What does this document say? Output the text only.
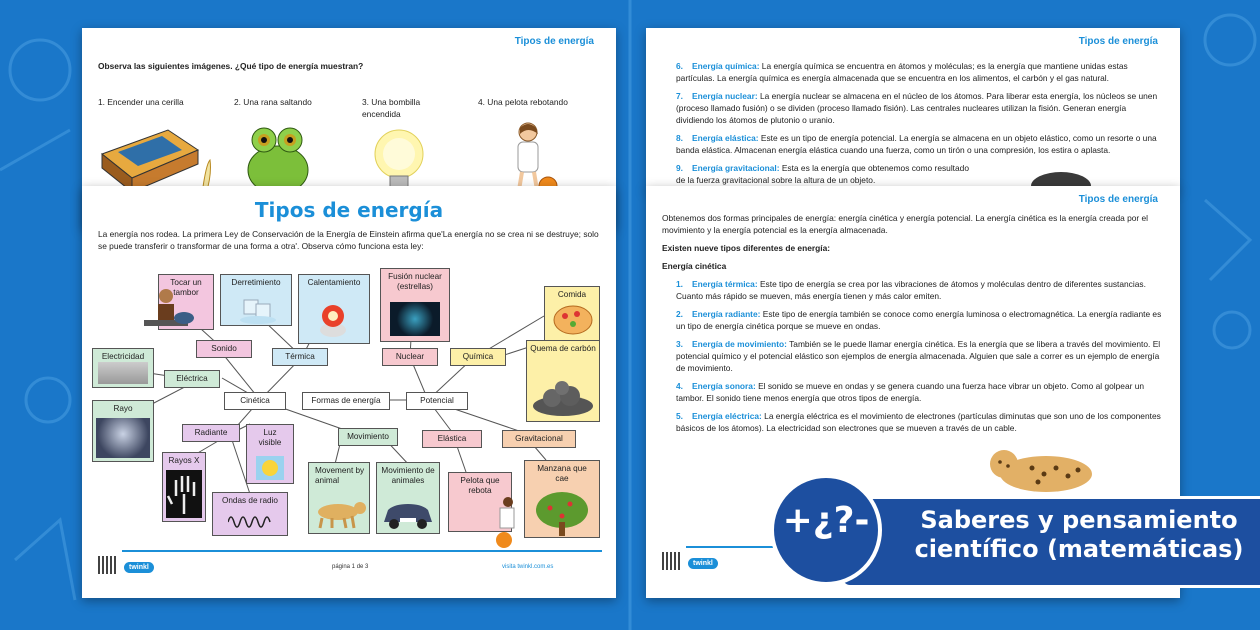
Tipos de energía
Observa las siguientes imágenes. ¿Qué tipo de energía muestran?
1. Encender una cerilla	2. Una rana saltando	3. Una bombilla encendida
4. Una pelota rebotando
Tipos de energía
6. Energía química: La energía química se encuentra en átomos y moléculas; es la energía que mantiene unidas estas partículas. La energía química es energía almacenada que se encuentra en los alimentos, el carbón y el gas natural.
7. Energía nuclear: La energía nuclear se almacena en el núcleo de los átomos. Para liberar esta energía, los núcleos se unen (proceso llamado fusión) o se dividen (proceso llamado fisión). Las centrales nucleares utilizan la fisión. Generan energía dividiendo los átomos de plutonio o uranio.
8. Energía elástica: Este es un tipo de energía potencial. La energía se almacena en un objeto elástico, como un resorte o una banda elástica. Almacenan energía elástica cuando una fuerza, como un tirón o una compresión, los estira o aplasta.
9. Energía gravitacional: Esta es la energía que obtenemos como resultado de la fuerza gravitacional sobre la altura de un objeto.
Tipos de energía
La energía nos rodea. La primera Ley de Conservación de la Energía de Einstein afirma que'La energía no se crea ni se destruye; solo se puede transferir o transformar de una forma a otra'. Observa cómo funciona esta ley:
Tocar un tambor
Derretimiento	Calentamiento
Fusión nuclear (estrellas)
Comida
Sonido
Térmica	Nuclear	Química
Quema de carbón
Electricidad
Eléctrica
Cinética	Formas de energía	Potencial
Rayo
Radiante	Luz visible
Movimiento	Elástica	Gravitacional
Rayos X
Movement by animal
Movimiento de animales	Pelota que rebota
Manzana que cae
Ondas de radio
twinkl	página 1 de 3	visita twinkl.com.es
Tipos de energía
Obtenemos dos formas principales de energía: energía cinética y energía potencial. La energía cinética es la energía creada por el movimiento y la energía potencial es la energía almacenada.
Existen nueve tipos diferentes de energía:
Energía cinética
1. Energía térmica: Este tipo de energía se crea por las vibraciones de átomos y moléculas dentro de diferentes sustancias. Cuanto más rápido se mueven, más energía tienen y más calor emiten.
2. Energía radiante: Este tipo de energía también se conoce como energía luminosa o electromagnética. La energía radiante es un tipo de energía cinética porque se mueve en ondas.
3. Energía de movimiento: También se le puede llamar energía cinética. Es la energía que se libera a través del movimiento. El potencial químico y el potencial elástico son ejemplos de energía almacenada. Alguien que sale a correr es un ejemplo de energía de movimiento.
4. Energía sonora: El sonido se mueve en ondas y se genera cuando una fuerza hace vibrar un objeto. Como al golpear un tambor. El sonido tiene menos energía que otros tipos de energía.
5. Energía eléctrica: La energía eléctrica es el movimiento de electrones (partículas diminutas que son uno de los componentes básicos de los átomos). La electricidad son electrones que se mueven a través de un cable.
twinkl
Saberes y pensamiento científico (matemáticas)
+¿?-
